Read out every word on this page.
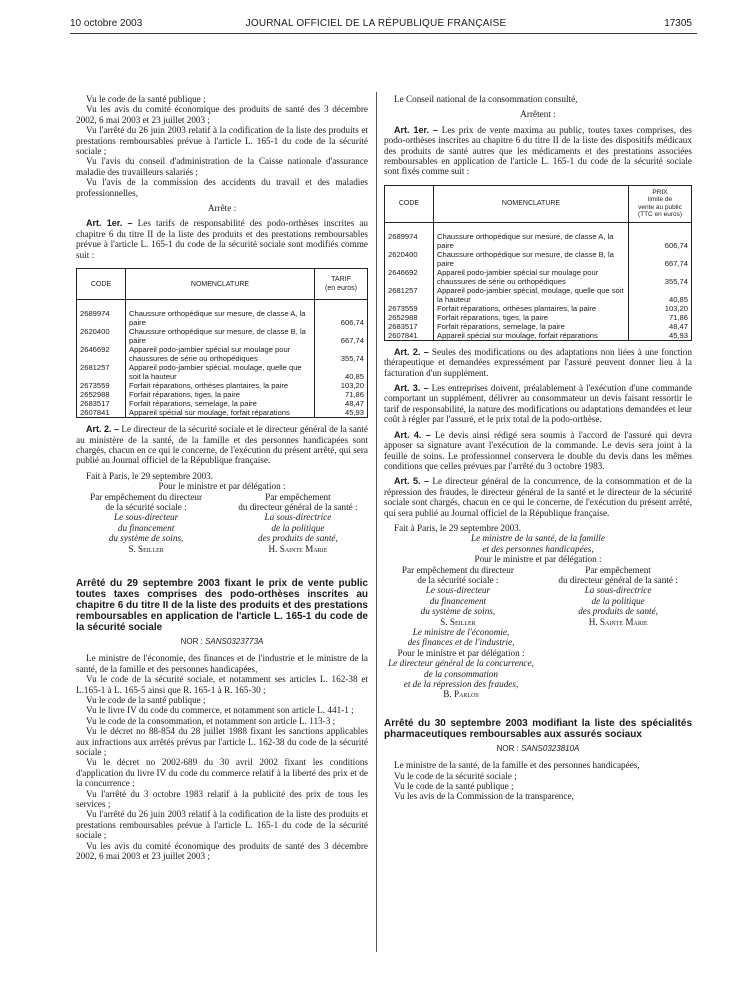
10 octobre 2003	JOURNAL OFFICIEL DE LA RÉPUBLIQUE FRANÇAISE	17305

Vu le code de la santé publique ;

Vu les avis du comité économique des produits de santé des 3 décembre 2002, 6 mai 2003 et 23 juillet 2003 ;

Vu l'arrêté du 26 juin 2003 relatif à la codification de la liste des produits et prestations remboursables prévue à l'article L. 165-1 du code de la sécurité sociale ;

Vu l'avis du conseil d'administration de la Caisse nationale d'assurance maladie des travailleurs salariés ;

Vu l'avis de la commission des accidents du travail et des maladies professionnelles,

Arrête :

Art. 1er. – Les tarifs de responsabilité des podo-orthèses inscrites au chapitre 6 du titre II de la liste des produits et des prestations remboursables prévue à l'article L. 165-1 du code de la sécurité sociale sont modifiés comme suit :

CODE	NOMENCLATURE	TARIF
(en euros)

2689974	Chaussure orthopédique sur mesure, de classe A, la paire	606,74
2620400	Chaussure orthopédique sur mesure, de classe B, la paire	667,74
2646692	Appareil podo-jambier spécial sur moulage pour chaussures de série ou orthopédiques	355,74
2681257	Appareil podo-jambier spécial, moulage, quelle que soit la hauteur	40,85
2673559	Forfait réparations, orthèses plantaires, la paire	103,20
2652988	Forfait réparations, tiges, la paire	71,86
2683517	Forfait réparations, semelage, la paire	48,47
2607841	Appareil spécial sur moulage, forfait réparations	45,93

Art. 2. – Le directeur de la sécurité sociale et le directeur général de la santé au ministère de la santé, de la famille et des personnes handicapées sont chargés, chacun en ce qui le concerne, de l'exécution du présent arrêté, qui sera publié au Journal officiel de la République française.

Fait à Paris, le 29 septembre 2003.

Pour le ministre et par délégation :

Par empêchement du directeur

de la sécurité sociale :

Le sous-directeur

du financement

du système de soins,

S. Seiller

Par empêchement

du directeur général de la santé :

La sous-directrice

de la politique

des produits de santé,

H. Sainte Marie

Arrêté du 29 septembre 2003 fixant le prix de vente public toutes taxes comprises des podo-orthèses inscrites au chapitre 6 du titre II de la liste des produits et des prestations remboursables en application de l'article L. 165-1 du code de la sécurité sociale

NOR : SANS0323773A

Le ministre de l'économie, des finances et de l'industrie et le ministre de la santé, de la famille et des personnes handicapées,

Vu le code de la sécurité sociale, et notamment ses articles L. 162-38 et L.165-1 à L. 165-5 ainsi que R. 165-1 à R. 165-30 ;

Vu le code de la santé publique ;

Vu le livre IV du code du commerce, et notamment son article L. 441-1 ;

Vu le code de la consommation, et notamment son article L. 113-3 ;

Vu le décret no 88-854 du 28 juillet 1988 fixant les sanctions applicables aux infractions aux arrêtés prévus par l'article L. 162-38 du code de la sécurité sociale ;

Vu le décret no 2002-689 du 30 avril 2002 fixant les conditions d'application du livre IV du code du commerce relatif à la liberté des prix et de la concurrence ;

Vu l'arrêté du 3 octobre 1983 relatif à la publicité des prix de tous les services ;

Vu l'arrêté du 26 juin 2003 relatif à la codification de la liste des produits et prestations remboursables prévue à l'article L. 165-1 du code de la sécurité sociale ;

Vu les avis du comité économique des produits de santé des 3 décembre 2002, 6 mai 2003 et 23 juillet 2003 ;

Le Conseil national de la consommation consulté,

Arrêtent :

Art. 1er. – Les prix de vente maxima au public, toutes taxes comprises, des podo-orthèses inscrites au chapitre 6 du titre II de la liste des dispositifs médicaux des produits de santé autres que les médicaments et des prestations associées remboursables en application de l'article L. 165-1 du code de la sécurité sociale sont fixés comme suit :

CODE	NOMENCLATURE	PRIX
limite de
vente au public
(TTC en euros)

2689974	Chaussure orthopédique sur mesure, de classe A, la paire	606,74
2620400	Chaussure orthopédique sur mesure, de classe B, la paire	667,74
2646692	Appareil podo-jambier spécial sur moulage pour chaussures de série ou orthopédiques	355,74
2681257	Appareil podo-jambier spécial, moulage, quelle que soit la hauteur	40,85
2673559	Forfait réparations, orthèses plantaires, la paire	103,20
2652988	Forfait réparations, tiges, la paire	71,86
2683517	Forfait réparations, semelage, la paire	48,47
2607841	Appareil spécial sur moulage, forfait réparations	45,93

Art. 2. – Seules des modifications ou des adaptations non liées à une fonction thérapeutique et demandées expressément par l'assuré peuvent donner lieu à la facturation d'un supplément.

Art. 3. – Les entreprises doivent, préalablement à l'exécution d'une commande comportant un supplément, délivrer au consommateur un devis faisant ressortir le tarif de responsabilité, la nature des modifications ou adaptations demandées et leur coût à régler par l'assuré, et le prix total de la podo-orthèse.

Art. 4. – Le devis ainsi rédigé sera soumis à l'accord de l'assuré qui devra apposer sa signature avant l'exécution de la commande. Le devis sera joint à la feuille de soins. Le professionnel conservera le double du devis dans les mêmes conditions que celles prévues par l'arrêté du 3 octobre 1983.

Art. 5. – Le directeur général de la concurrence, de la consommation et de la répression des fraudes, le directeur général de la santé et le directeur de la sécurité sociale sont chargés, chacun en ce qui le concerne, de l'exécution du présent arrêté, qui sera publié au Journal officiel de la République française.

Fait à Paris, le 29 septembre 2003.

Le ministre de la santé, de la famille

et des personnes handicapées,

Pour le ministre et par délégation :

Par empêchement du directeur

de la sécurité sociale :

Le sous-directeur

du financement

du système de soins,

S. Seiller

Par empêchement

du directeur général de la santé :

La sous-directrice

de la politique

des produits de santé,

H. Sainte Marie

Le ministre de l'économie,

des finances et de l'industrie,

Pour le ministre et par délégation :

Le directeur général de la concurrence,

de la consommation

et de la répression des fraudes,

B. Parlos

Arrêté du 30 septembre 2003 modifiant la liste des spécialités pharmaceutiques remboursables aux assurés sociaux

NOR : SANS0323810A

Le ministre de la santé, de la famille et des personnes handicapées,

Vu le code de la sécurité sociale ;

Vu le code de la santé publique ;

Vu les avis de la Commission de la transparence,
